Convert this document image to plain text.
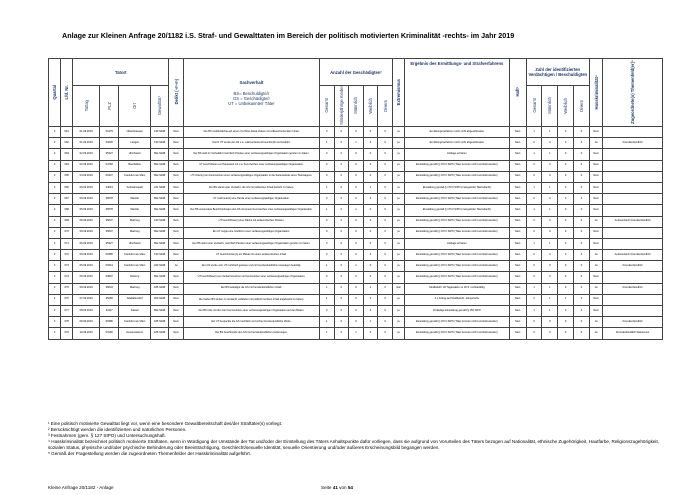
Anlage zur Kleinen Anfrage 20/1182 i.S. Straf- und Gewalttaten im Bereich der politisch motivierten Kriminalität -rechts- im Jahr 2019
Quartal	Lfd. Nr.	Tatort				Delikt (§§)	Sachverhalt
BS= Beschuldigte/r
GS = Geschädigte/r
UT = Unbekannte/r Täter	Anzahl der Geschädigten²					Extremismus	Ergebnis des Ermittlungs- und Strafverfahrens	Haft³	Zahl der identifizierten Verdächtigen / Beschuldigten				Hasskriminalität⁴	Zugeordnete(s) Themenfeld(er)⁵
		Tattag	PLZ	Ort	Gewalttat¹			Gesamt	Minderjährige Kinder	Männlich	Weiblich	Divers				Gesamt	Männlich	Weiblich	Divers		
3	661	01.09.2019	63179	Obertshausen	130 StGB	Nein	Der BS veröffentlichte auf einem YouTube-Kanal Videos mit volksverhetzendem Inhalt.	0	0	0	0	0	ja	Ermittlungsverfahren noch nicht abgeschlossen	Nein	1	1	0	0	Nein	
3	662	01.09.2019	63225	Langen	130 StGB	Nein	Durch UT wurde der GS u.a. volksverhetzend beschimpft und bedroht.	1	0	1	0	0	ja	Ermittlungsverfahren noch nicht abgeschlossen	Nein	0	0	0	0	Ja	Fremdenfeindlich
3	663	02.09.2019	35327	Ulrichstein	86a StGB	Nein	Der BS stellt im Vorbeifahrt mehrfach Parolen einer verfassungswidrigen Organisation gerufen zu haben.	0	0	0	0	0	ja	Anklage erhoben	Nein	1	1	0	0	Nein	
3	664	02.09.2019	64760	Beerfelden	86a StGB	Nein	UT beschrifteten ein Hauswand mit u.a. Kennzeichen einer verfassungswidrigen Organisation.	0	0	0	0	0	ja	Einstellung gemäß § 170 II StPO (Täter konnten nicht ermittelt werden)	Nein	0	0	0	0	Nein	
3	665	04.09.2019	60327	Frankfurt am Main	86a StGB	Nein	UT ritzten(n) ein Kennzeichen einer verfassungswidrigen Organisation in die Seitenwände eines Triebwagens.	0	0	0	0	0	ja	Einstellung gemäß § 170 II StPO (Täter konnten nicht ermittelt werden)	Nein	0	0	0	0	Nein	
3	666	05.09.2019	34613	Schwalmstadt	241 StGB	Nein	Der BS stand unter Verdacht, die GS mit politischen Inhalt bedroht zu haben.	1	0	0	1	0	ja	Einstellung gemäß § 170 II StPO (mangelnder Tatverdacht)	Nein	1	1	0	0	Nein	
3	667	06.09.2019	35578	Wetzlar	86a StGB	Nein	UT zeichnete(n) eine Parole einer verfassungswidrigen Organisation.	0	0	0	0	0	ja	Einstellung gemäß § 170 II StPO (Täter konnten nicht ermittelt werden)	Nein	0	0	0	0	Nein	
3	668	06.09.2019	35578	Wetzlar	86a StGB	Nein	Der BS verwendete Beschimpfungen des GS mit einem Kennzeichen einer verfassungswidrigen Organisation.	1	0	1	0	0	ja	Einstellung gemäß § 170 II StPO (mangelnder Tatverdacht)	Nein	1	1	0	0	Nein	
3	669	06.09.2019	35037	Marburg	130 StGB	Nein	UT beschriftete(n) eine Fläche mit antisemitischen Parolen.	0	0	0	0	0	ja	Einstellung gemäß § 170 II StPO (Täter konnten nicht ermittelt werden)	Nein	0	0	0	0	Ja	Antisemitisch Fremdenfeindlich
3	670	06.09.2019	35037	Marburg	86a StGB	Nein	Ein UT zeigte eine Grußform einer verfassungswidrigen Organisation.	0	0	0	0	0	ja	Einstellung gemäß § 170 II StPO (Täter konnten nicht ermittelt werden)	Nein	0	0	0	0	Nein	
3	671	06.09.2019	35327	Ulrichstein	86a StGB	Nein	Der BS steht unter Verdacht, mehrfach Parolen einer verfassungswidrigen Organisation gerufen zu haben.	0	0	0	0	0	ja	Anklage erhoben	Nein	1	1	0	0	Nein	
3	672	06.09.2019	60385	Frankfurt am Main	130 StGB	Nein	UT beschmierten(n) ein Plakat mit einem antisemitischen Inhalt.	0	0	0	0	0	ja	Einstellung gemäß § 170 II StPO (Täter konnten nicht ermittelt werden)	Nein	0	0	0	0	Ja	Antisemitisch Fremdenfeindlich
3	673	06.09.2019	60313	Frankfurt am Main	223 StGB	Ja	Der GS wurde vom UT mehrfach getreten und mit fremdenfeindlichen Aussagen beleidigt.	1	0	1	0	0	ja	Einstellung gemäß § 170 II StPO (Täter konnten nicht ermittelt werden)	Nein	0	0	0	0	Ja	Fremdenfeindlich
3	674	06.09.2019	64807	Dieburg	86a StGB	Nein	UT beschriftete(n) ein Verkehrszeichen mit Kennzeichen einer verfassungswidrigen Organisation.	0	0	0	0	0	ja	Einstellung gemäß § 170 II StPO (Täter konnten nicht ermittelt werden)	Nein	0	0	0	0	Nein	
3	675	06.09.2019	35043	Marburg	185 StGB	Nein	Der BS beleidigte die GS mit fremdenfeindlichen Inhalt.	1	0	0	1	0	nein	Strafbefehl, 20 Tagessätze zu 20 €, rechtskräftig	Nein	1	1	0	0	Ja	Fremdenfeindlich
3	676	07.09.2019	35260	Stadtallendorf	303 StGB	Nein	Die beiden BS stehen im Verdacht, Aufkleber mit politisch rechtem Inhalt angebracht zu haben.	1	0	0	0	0	ja	2 x Antrag auf Strafbefehl - Einsprüche	Nein	2	1	1	0	Nein	
3	677	08.09.2019	34117	Kassel	86a StGB	Nein	Der BS rufte mit drei zum Kennzeichen einer verfassungswidrigen Organisation auf den Boden.	0	0	0	0	0	ja	Vorläufige Einstellung gemäß § 154 StPO	Nein	1	1	0	0	Nein	
3	678	09.09.2019	60386	Frankfurt am Main	185 StGB	Nein	Ein UT bespuckte die GS mehrfach und schrie fremdenfeindliche Worte.	1	0	0	1	0	ja	Einstellung gemäß § 170 II StPO (Täter konnten nicht ermittelt werden)	Nein	0	0	0	0	Ja	Fremdenfeindlich
3	679	10.09.2019	63150	Heusenstamm	185 StGB	Nein	Der BS beschimpfte den GS mit fremdenfeindlichen Äußerungen.	1	0	1	0	0	ja	Einstellung gemäß § 170 II StPO (Täter konnten nicht ermittelt werden)	Nein	0	0	0	0	Ja	Fremdenfeindlich Rassismus
¹ Eine politisch motivierte Gewalttat liegt vor, wenn eine besondere Gewaltbereitschaft des/der Straftäter(s) vorliegt.
² Berücksichtigt werden die identifizierten und natürlichen Personen.
³ Festnahmen (gem. § 127 StPO) und Untersuchungshaft.
⁴ Hasskriminalität bezeichnet politisch motivierte Straftaten, wenn in Würdigung der Umstände der Tat und/oder der Einstellung des Täters Anhaltspunkte dafür vorliegen, dass sie aufgrund von Vorurteilen des Täters bezogen auf Nationalität, ethnische Zugehörigkeit, Hautfarbe, Religionszugehörigkeit, sozialen Status, physische und/oder psychische Behinderung oder Beeinträchtigung, Geschlecht/sexuelle Identität, sexuelle Orientierung und/oder äußeres Erscheinungsbild begangen werden.
⁵ Gemäß der Fragestellung werden die zugeordneten Themenfelder der Hasskriminalität aufgeführt.
Kleine Anfrage 20/1182 - Anlage	Seite 41 von 54
